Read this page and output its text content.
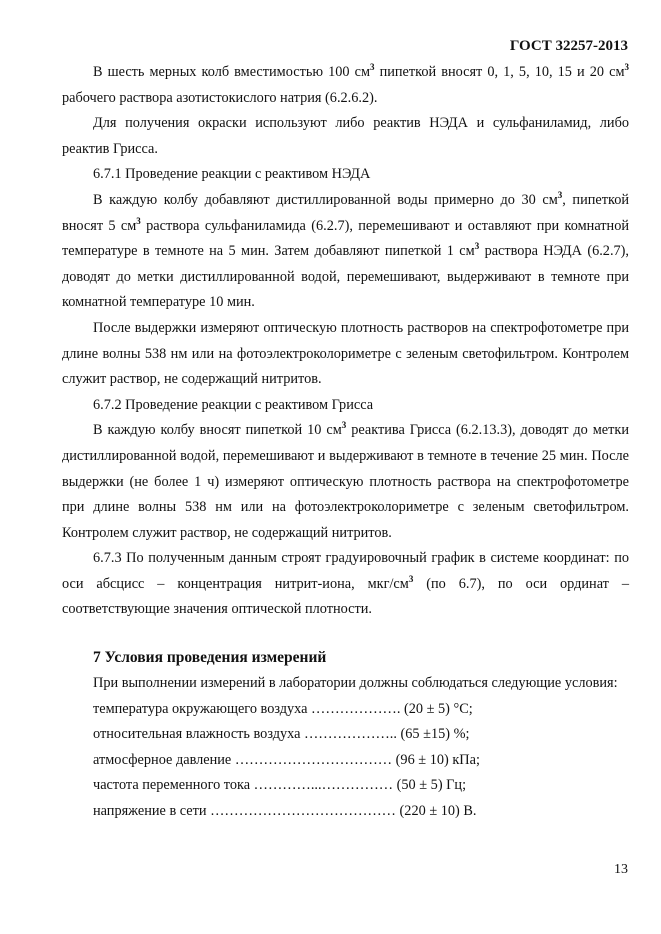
ГОСТ 32257-2013

В шесть мерных колб вместимостью 100 $см^3$ пипеткой вносят 0, 1, 5, 10, 15 и 20 $см^3$ рабочего раствора азотистокислого натрия (6.2.6.2).

Для получения окраски используют либо реактив НЭДА и сульфаниламид, либо реактив Грисса.

6.7.1 Проведение реакции с реактивом НЭДА

В каждую колбу добавляют дистиллированной воды примерно до 30 $см^3$, пипеткой вносят 5 $см^3$ раствора сульфаниламида (6.2.7), перемешивают и оставляют при комнатной температуре в темноте на 5 мин. Затем добавляют пипеткой 1 $см^3$ раствора НЭДА (6.2.7), доводят до метки дистиллированной водой, перемешивают, выдерживают в темноте при комнатной температуре 10 мин.

После выдержки измеряют оптическую плотность растворов на спектрофотометре при длине волны 538 нм или на фотоэлектроколориметре с зеленым светофильтром. Контролем служит раствор, не содержащий нитритов.

6.7.2 Проведение реакции с реактивом Грисса

В каждую колбу вносят пипеткой 10 $см^3$ реактива Грисса (6.2.13.3), доводят до метки дистиллированной водой, перемешивают и выдерживают в темноте в течение 25 мин. После выдержки (не более 1 ч) измеряют оптическую плотность раствора на спектрофотометре при длине волны 538 нм или на фотоэлектроколориметре с зеленым светофильтром. Контролем служит раствор, не содержащий нитритов.

6.7.3 По полученным данным строят градуировочный график в системе координат: по оси абсцисс – концентрация нитрит-иона, мкг/$см^3$ (по 6.7), по оси ординат – соответствующие значения оптической плотности.

7 Условия проведения измерений

При выполнении измерений в лаборатории должны соблюдаться следующие условия:

температура окружающего воздуха ………………. (20 ± 5) °С;

относительная влажность воздуха ……………….. (65 ±15) %;

атмосферное давление …………………………… (96 ± 10) кПа;

частота переменного тока …………...…………… (50 ± 5) Гц;

напряжение в сети ………………………………… (220 ± 10) В.

13
